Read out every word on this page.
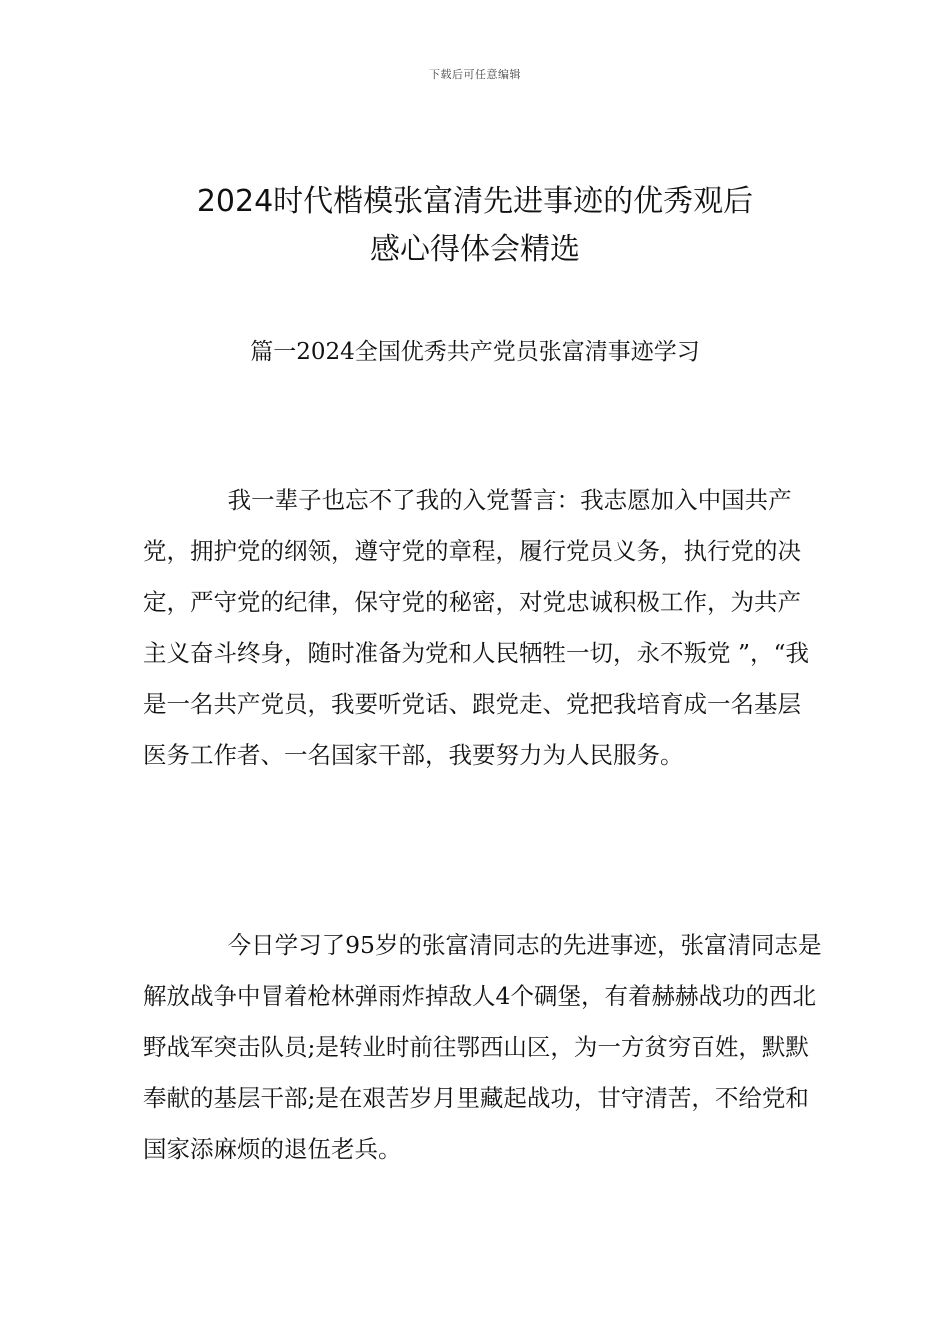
下载后可任意编辑
2024时代楷模张富清先进事迹的优秀观后
感心得体会精选
篇一2024全国优秀共产党员张富清事迹学习

我一辈子也忘不了我的入党誓言：我志愿加入中国共产党，拥护党的纲领，遵守党的章程，履行党员义务，执行党的决定，严守党的纪律，保守党的秘密，对党忠诚积极工作，为共产主义奋斗终身，随时准备为党和人民牺牲一切，永不叛党 ”，“我是一名共产党员，我要听党话、跟党走、党把我培育成一名基层医务工作者、一名国家干部，我要努力为人民服务。

今日学习了95岁的张富清同志的先进事迹，张富清同志是解放战争中冒着枪林弹雨炸掉敌人4个碉堡，有着赫赫战功的西北野战军突击队员;是转业时前往鄂西山区，为一方贫穷百姓，默默奉献的基层干部;是在艰苦岁月里藏起战功，甘守清苦，不给党和国家添麻烦的退伍老兵。
